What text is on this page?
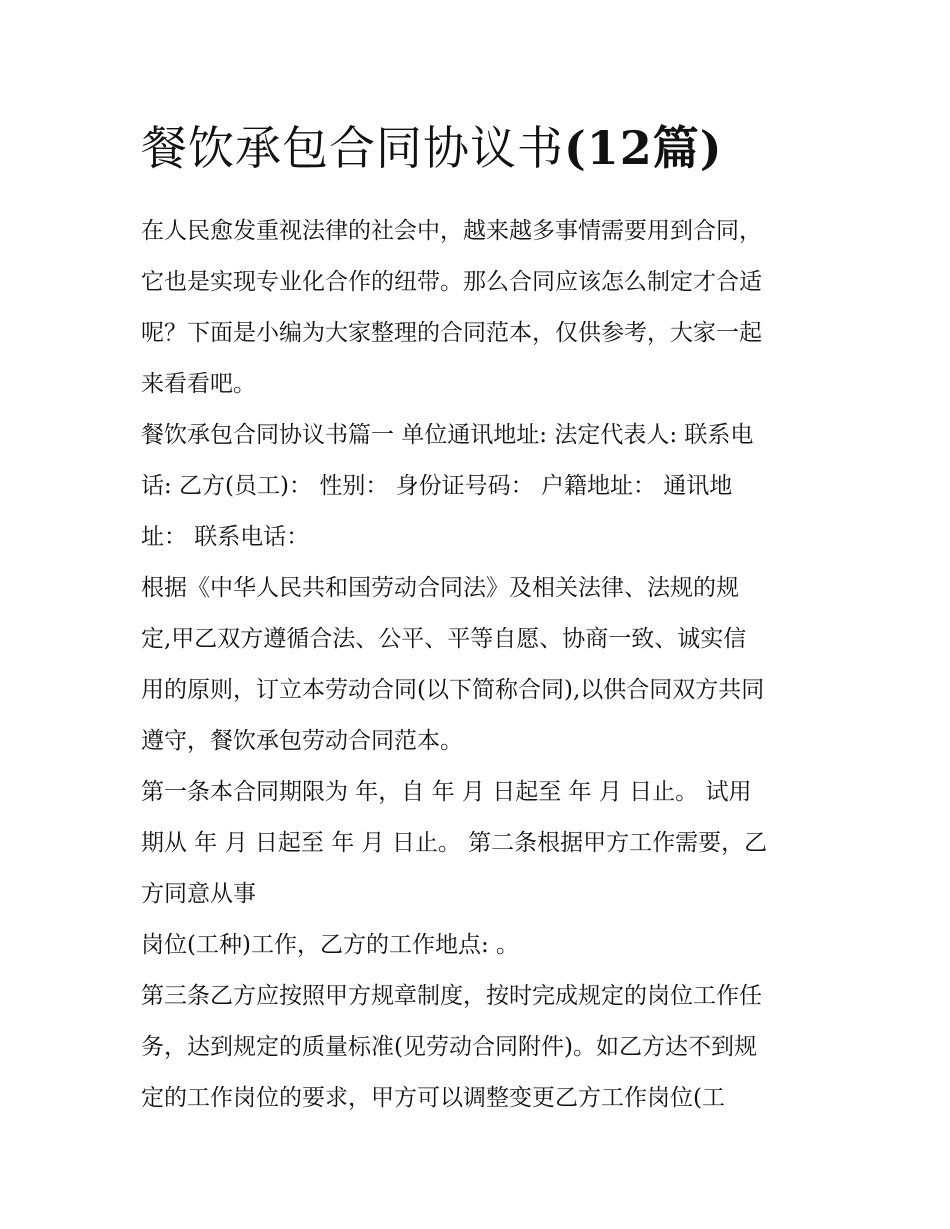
餐饮承包合同协议书(12篇)
在人民愈发重视法律的社会中，越来越多事情需要用到合同，
它也是实现专业化合作的纽带。那么合同应该怎么制定才合适
呢？下面是小编为大家整理的合同范本，仅供参考，大家一起
来看看吧。
餐饮承包合同协议书篇一 单位通讯地址: 法定代表人: 联系电
话: 乙方(员工)： 性别： 身份证号码： 户籍地址： 通讯地
址： 联系电话：
根据《中华人民共和国劳动合同法》及相关法律、法规的规
定,甲乙双方遵循合法、公平、平等自愿、协商一致、诚实信
用的原则，订立本劳动合同(以下简称合同),以供合同双方共同
遵守，餐饮承包劳动合同范本。
第一条本合同期限为 年，自 年 月 日起至 年 月 日止。 试用
期从 年 月 日起至 年 月 日止。 第二条根据甲方工作需要，乙
方同意从事
岗位(工种)工作，乙方的工作地点: 。
第三条乙方应按照甲方规章制度，按时完成规定的岗位工作任
务，达到规定的质量标准(见劳动合同附件)。如乙方达不到规
定的工作岗位的要求，甲方可以调整变更乙方工作岗位(工
